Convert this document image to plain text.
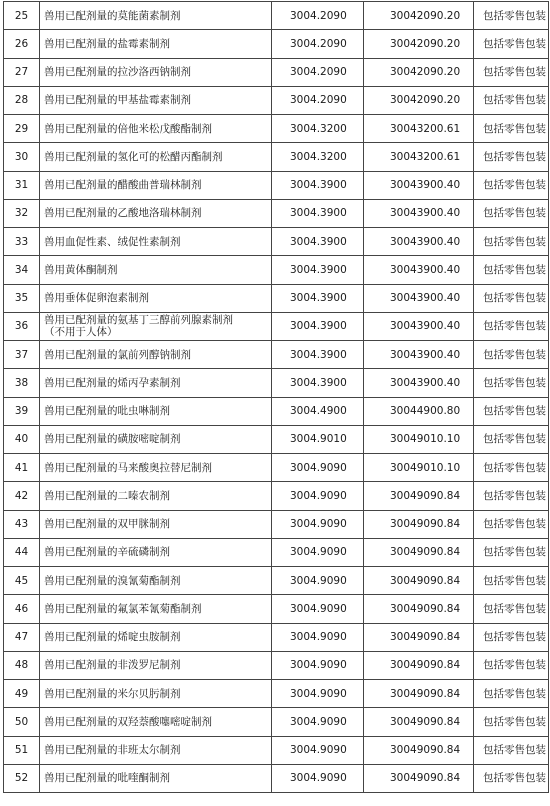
25	兽用已配剂量的莫能菌素制剂	3004.2090	30042090.20	包括零售包装
26	兽用已配剂量的盐霉素制剂	3004.2090	30042090.20	包括零售包装
27	兽用已配剂量的拉沙洛西钠制剂	3004.2090	30042090.20	包括零售包装
28	兽用已配剂量的甲基盐霉素制剂	3004.2090	30042090.20	包括零售包装
29	兽用已配剂量的倍他米松戊酸酯制剂	3004.3200	30043200.61	包括零售包装
30	兽用已配剂量的氢化可的松醋丙酯制剂	3004.3200	30043200.61	包括零售包装
31	兽用已配剂量的醋酸曲普瑞林制剂	3004.3900	30043900.40	包括零售包装
32	兽用已配剂量的乙酸地洛瑞林制剂	3004.3900	30043900.40	包括零售包装
33	兽用血促性素、绒促性素制剂	3004.3900	30043900.40	包括零售包装
34	兽用黄体酮制剂	3004.3900	30043900.40	包括零售包装
35	兽用垂体促卵泡素制剂	3004.3900	30043900.40	包括零售包装
36	兽用已配剂量的氨基丁三醇前列腺素制剂
（不用于人体）	3004.3900	30043900.40	包括零售包装
37	兽用已配剂量的氯前列醇钠制剂	3004.3900	30043900.40	包括零售包装
38	兽用已配剂量的烯丙孕素制剂	3004.3900	30043900.40	包括零售包装
39	兽用已配剂量的吡虫啉制剂	3004.4900	30044900.80	包括零售包装
40	兽用已配剂量的磺胺嘧啶制剂	3004.9010	30049010.10	包括零售包装
41	兽用已配剂量的马来酸奥拉替尼制剂	3004.9090	30049010.10	包括零售包装
42	兽用已配剂量的二嗪农制剂	3004.9090	30049090.84	包括零售包装
43	兽用已配剂量的双甲脒制剂	3004.9090	30049090.84	包括零售包装
44	兽用已配剂量的辛硫磷制剂	3004.9090	30049090.84	包括零售包装
45	兽用已配剂量的溴氰菊酯制剂	3004.9090	30049090.84	包括零售包装
46	兽用已配剂量的氟氯苯氰菊酯制剂	3004.9090	30049090.84	包括零售包装
47	兽用已配剂量的烯啶虫胺制剂	3004.9090	30049090.84	包括零售包装
48	兽用已配剂量的非泼罗尼制剂	3004.9090	30049090.84	包括零售包装
49	兽用已配剂量的米尔贝肟制剂	3004.9090	30049090.84	包括零售包装
50	兽用已配剂量的双羟萘酸噻嘧啶制剂	3004.9090	30049090.84	包括零售包装
51	兽用已配剂量的非班太尔制剂	3004.9090	30049090.84	包括零售包装
52	兽用已配剂量的吡喹酮制剂	3004.9090	30049090.84	包括零售包装
